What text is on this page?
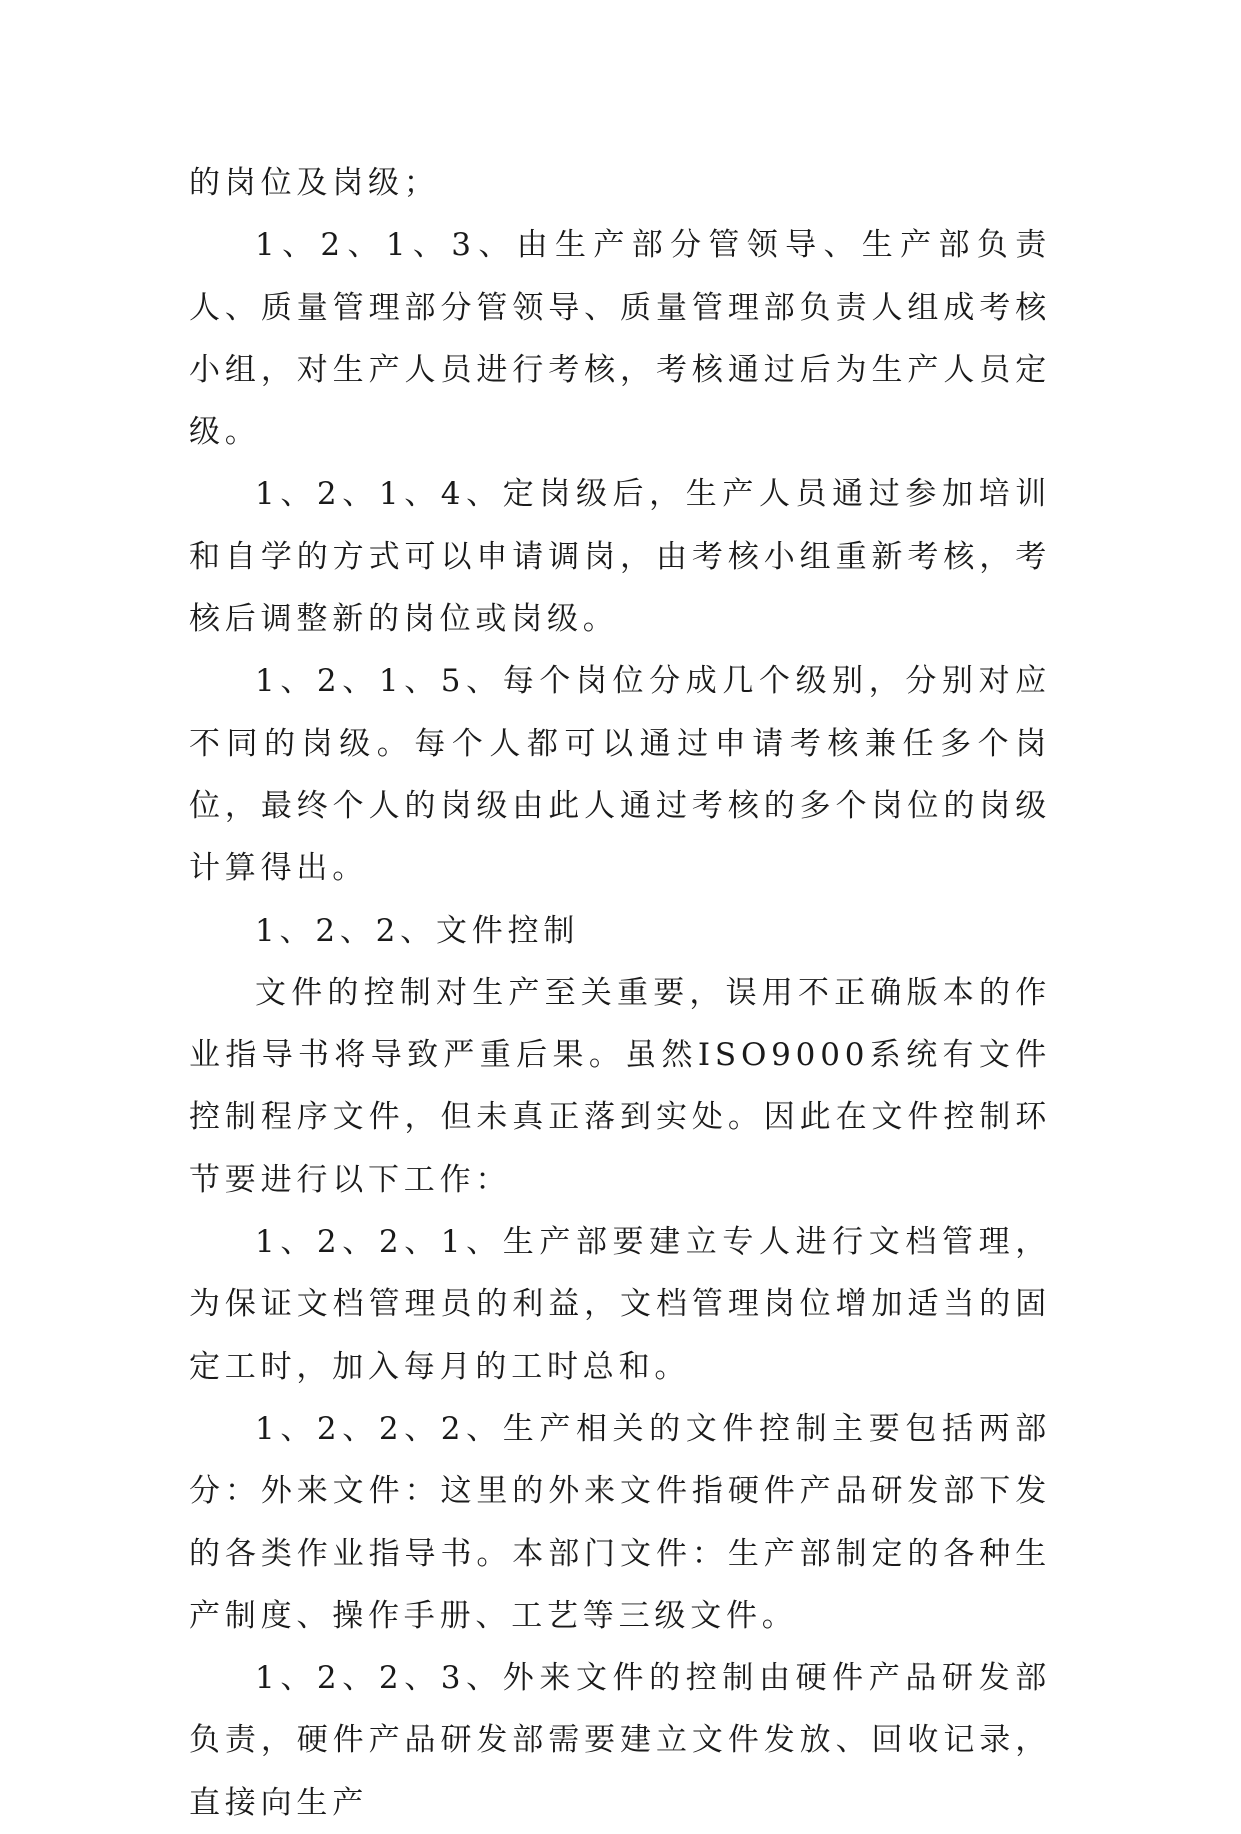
的岗位及岗级；

1、2、1、3、由生产部分管领导、生产部负责人、质量管理部分管领导、质量管理部负责人组成考核小组，对生产人员进行考核，考核通过后为生产人员定级。

1、2、1、4、定岗级后，生产人员通过参加培训和自学的方式可以申请调岗，由考核小组重新考核，考核后调整新的岗位或岗级。

1、2、1、5、每个岗位分成几个级别，分别对应不同的岗级。每个人都可以通过申请考核兼任多个岗位，最终个人的岗级由此人通过考核的多个岗位的岗级计算得出。

1、2、2、文件控制

文件的控制对生产至关重要，误用不正确版本的作业指导书将导致严重后果。虽然ISO9000系统有文件控制程序文件，但未真正落到实处。因此在文件控制环节要进行以下工作：

1、2、2、1、生产部要建立专人进行文档管理，为保证文档管理员的利益，文档管理岗位增加适当的固定工时，加入每月的工时总和。

1、2、2、2、生产相关的文件控制主要包括两部分：外来文件：这里的外来文件指硬件产品研发部下发的各类作业指导书。本部门文件：生产部制定的各种生产制度、操作手册、工艺等三级文件。

1、2、2、3、外来文件的控制由硬件产品研发部负责，硬件产品研发部需要建立文件发放、回收记录，直接向生产
